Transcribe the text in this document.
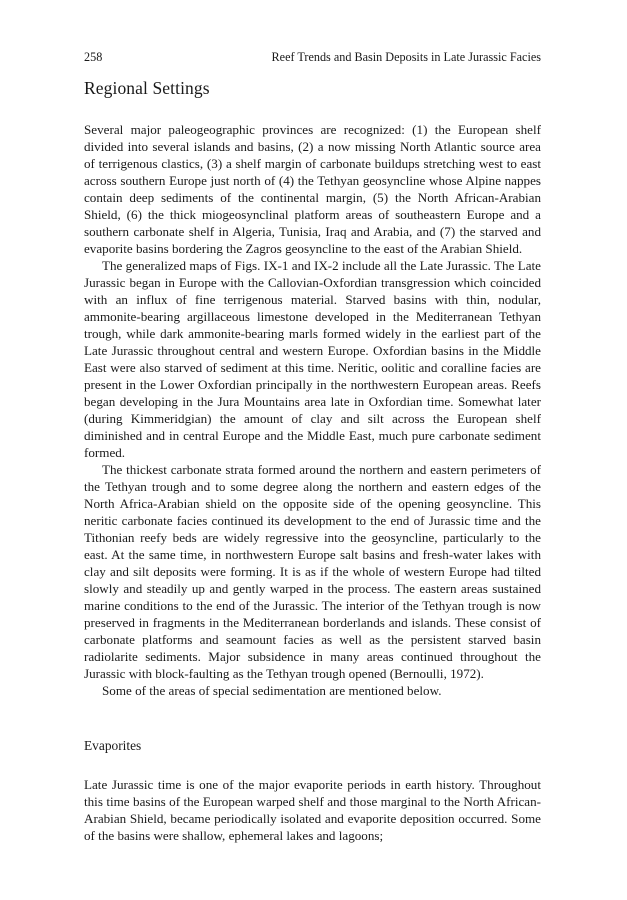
258	Reef Trends and Basin Deposits in Late Jurassic Facies
Regional Settings

Several major paleogeographic provinces are recognized: (1) the European shelf divided into several islands and basins, (2) a now missing North Atlantic source area of terrigenous clastics, (3) a shelf margin of carbonate buildups stretching west to east across southern Europe just north of (4) the Tethyan geosyncline whose Alpine nappes contain deep sediments of the continental margin, (5) the North African-Arabian Shield, (6) the thick miogeosynclinal platform areas of southeastern Europe and a southern carbonate shelf in Algeria, Tunisia, Iraq and Arabia, and (7) the starved and evaporite basins bordering the Zagros geosyncline to the east of the Arabian Shield.

The generalized maps of Figs. IX-1 and IX-2 include all the Late Jurassic. The Late Jurassic began in Europe with the Callovian-Oxfordian transgression which coincided with an influx of fine terrigenous material. Starved basins with thin, nodular, ammonite-bearing argillaceous limestone developed in the Mediterranean Tethyan trough, while dark ammonite-bearing marls formed widely in the earliest part of the Late Jurassic throughout central and western Europe. Oxfordian basins in the Middle East were also starved of sediment at this time. Neritic, oolitic and coralline facies are present in the Lower Oxfordian principally in the northwestern European areas. Reefs began developing in the Jura Mountains area late in Oxfordian time. Somewhat later (during Kimmeridgian) the amount of clay and silt across the European shelf diminished and in central Europe and the Middle East, much pure carbonate sediment formed.

The thickest carbonate strata formed around the northern and eastern perimeters of the Tethyan trough and to some degree along the northern and eastern edges of the North Africa-Arabian shield on the opposite side of the opening geosyncline. This neritic carbonate facies continued its development to the end of Jurassic time and the Tithonian reefy beds are widely regressive into the geosyncline, particularly to the east. At the same time, in northwestern Europe salt basins and fresh-water lakes with clay and silt deposits were forming. It is as if the whole of western Europe had tilted slowly and steadily up and gently warped in the process. The eastern areas sustained marine conditions to the end of the Jurassic. The interior of the Tethyan trough is now preserved in fragments in the Mediterranean borderlands and islands. These consist of carbonate platforms and seamount facies as well as the persistent starved basin radiolarite sediments. Major subsidence in many areas continued throughout the Jurassic with block-faulting as the Tethyan trough opened (Bernoulli, 1972).

Some of the areas of special sedimentation are mentioned below.

Evaporites

Late Jurassic time is one of the major evaporite periods in earth history. Throughout this time basins of the European warped shelf and those marginal to the North African-Arabian Shield, became periodically isolated and evaporite deposition occurred. Some of the basins were shallow, ephemeral lakes and lagoons;
